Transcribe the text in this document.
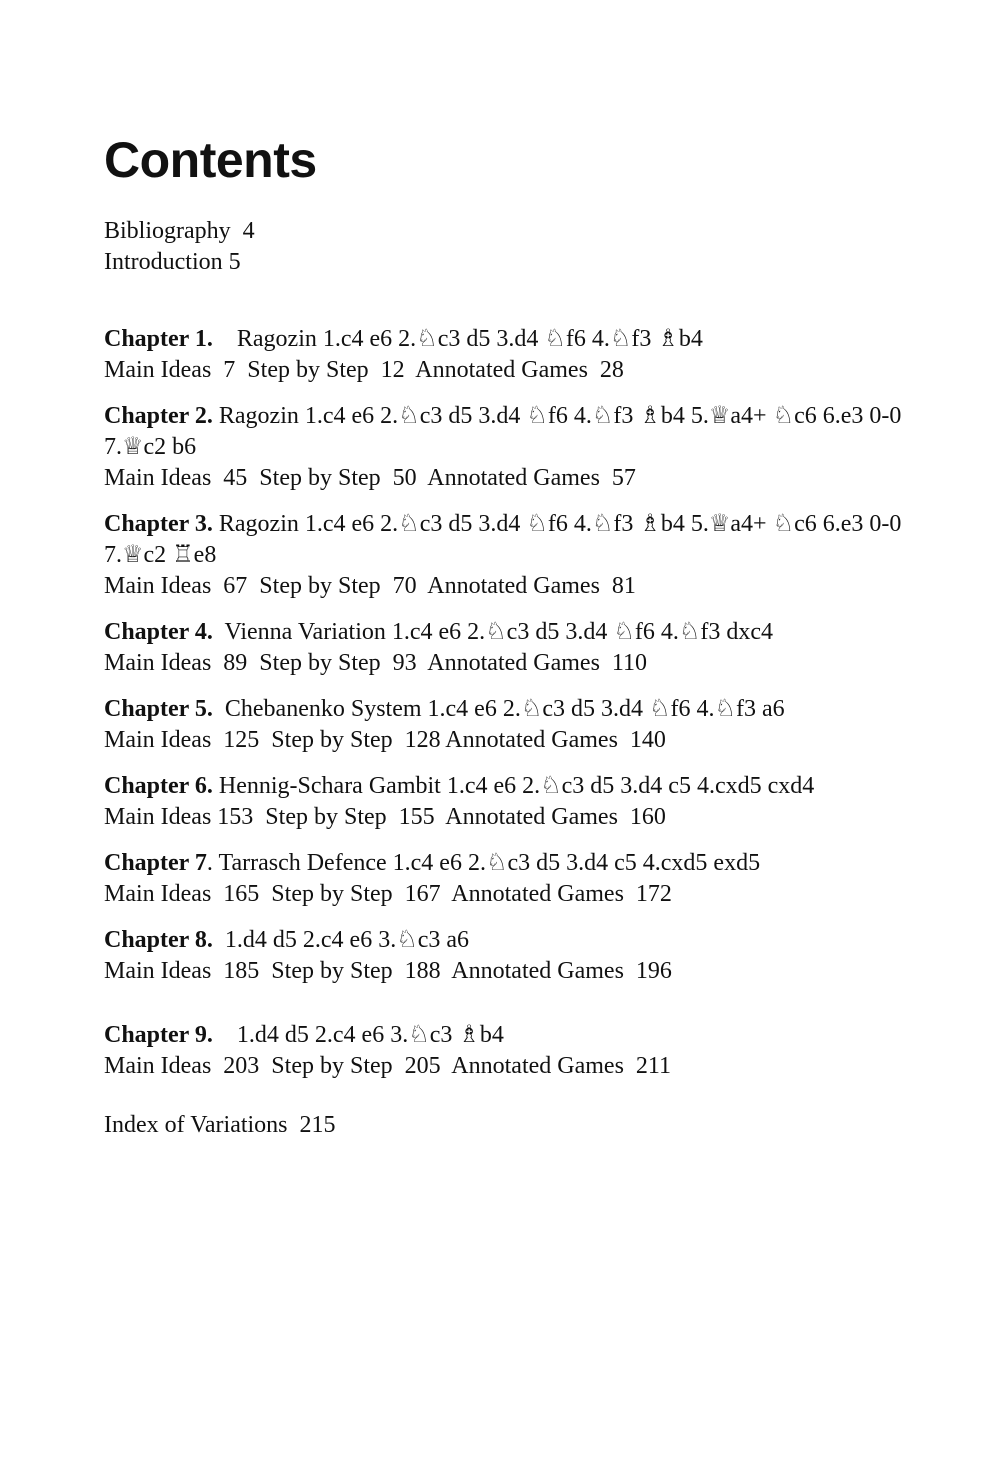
Contents
Bibliography  4
Introduction 5
Chapter 1.    Ragozin 1.c4 e6 2.♘c3 d5 3.d4 ♘f6 4.♘f3 ♗b4
Main Ideas  7  Step by Step  12  Annotated Games  28
Chapter 2. Ragozin 1.c4 e6 2.♘c3 d5 3.d4 ♘f6 4.♘f3 ♗b4 5.♕a4+ ♘c6 6.e3 0-0 7.♕c2 b6
Main Ideas  45  Step by Step  50  Annotated Games  57
Chapter 3. Ragozin 1.c4 e6 2.♘c3 d5 3.d4 ♘f6 4.♘f3 ♗b4 5.♕a4+ ♘c6 6.e3 0-0 7.♕c2 ♖e8
Main Ideas  67  Step by Step  70  Annotated Games  81
Chapter 4.  Vienna Variation 1.c4 e6 2.♘c3 d5 3.d4 ♘f6 4.♘f3 dxc4
Main Ideas  89  Step by Step  93  Annotated Games  110
Chapter 5.  Chebanenko System 1.c4 e6 2.♘c3 d5 3.d4 ♘f6 4.♘f3 a6
Main Ideas  125  Step by Step  128 Annotated Games  140
Chapter 6. Hennig-Schara Gambit 1.c4 e6 2.♘c3 d5 3.d4 c5 4.cxd5 cxd4
Main Ideas 153  Step by Step  155  Annotated Games  160
Chapter 7. Tarrasch Defence 1.c4 e6 2.♘c3 d5 3.d4 c5 4.cxd5 exd5
Main Ideas  165  Step by Step  167  Annotated Games  172
Chapter 8.  1.d4 d5 2.c4 e6 3.♘c3 a6
Main Ideas  185  Step by Step  188  Annotated Games  196
Chapter 9.    1.d4 d5 2.c4 e6 3.♘c3 ♗b4
Main Ideas  203  Step by Step  205  Annotated Games  211
Index of Variations  215
